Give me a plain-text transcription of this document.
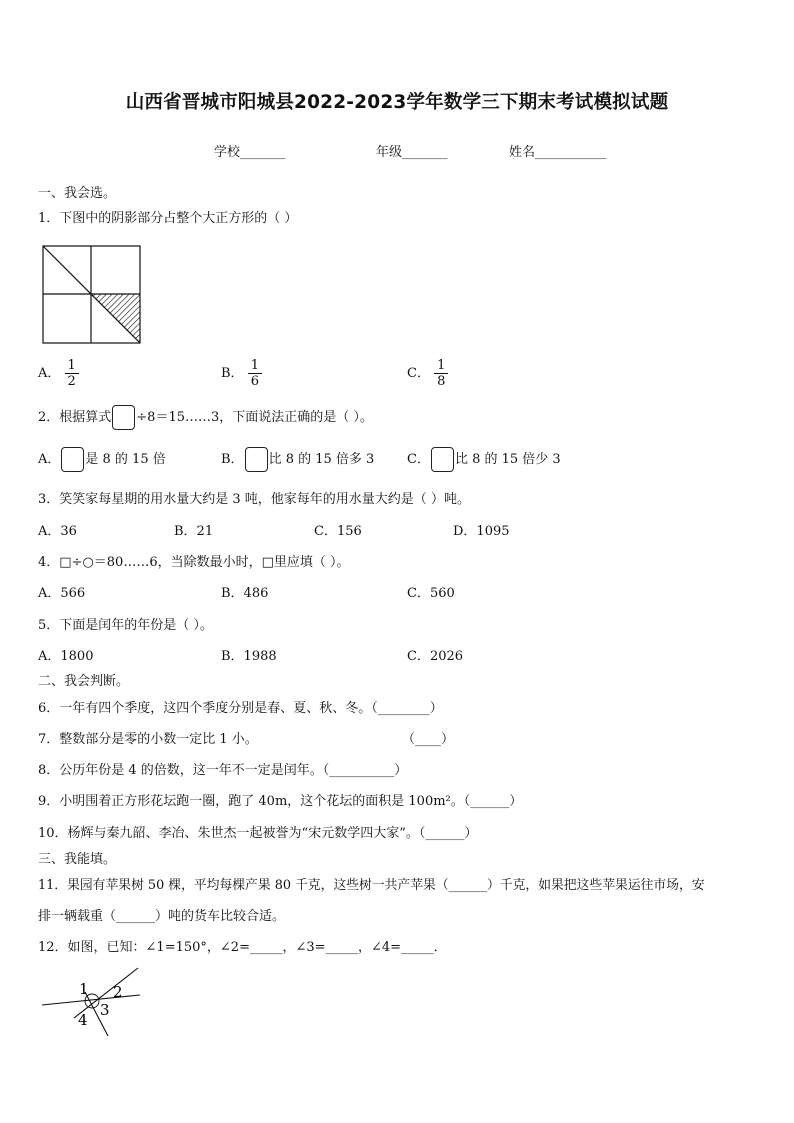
山西省晋城市阳城县2022-2023学年数学三下期末考试模拟试题
学校_______	年级_______	姓名___________
一、我会选。
1．下图中的阴影部分占整个大正方形的（ ）
A． $\frac{1}{2}$	B． $\frac{1}{6}$	C． $\frac{1}{8}$
2．根据算式 ÷8＝15……3，下面说法正确的是（ ）。
A． 是 8 的 15 倍	B． 比 8 的 15 倍多 3	C． 比 8 的 15 倍少 3
3．笑笑家每星期的用水量大约是 3 吨，他家每年的用水量大约是（ ）吨。
A．36	B．21	C．156	D．1095
4．□÷○＝80……6，当除数最小时，□里应填（ ）。
A．566	B．486	C．560
5．下面是闰年的年份是（ ）。
A．1800	B．1988	C．2026
二、我会判断。
6．一年有四个季度，这四个季度分别是春、夏、秋、冬。（________）
7．整数部分是零的小数一定比 1 小。	（____）
8．公历年份是 4 的倍数，这一年不一定是闰年。（__________）
9．小明围着正方形花坛跑一圈，跑了 40m，这个花坛的面积是 100m²。（______）
10．杨辉与秦九韶、李冶、朱世杰一起被誉为“宋元数学四大家”。（______）
三、我能填。
11．果园有苹果树 50 棵，平均每棵产果 80 千克，这些树一共产苹果（______）千克，如果把这些苹果运往市场，安
排一辆载重（______）吨的货车比较合适。
12．如图，已知：∠1=150°，∠2=_____，∠3=_____，∠4=_____．
1 2
4
3
